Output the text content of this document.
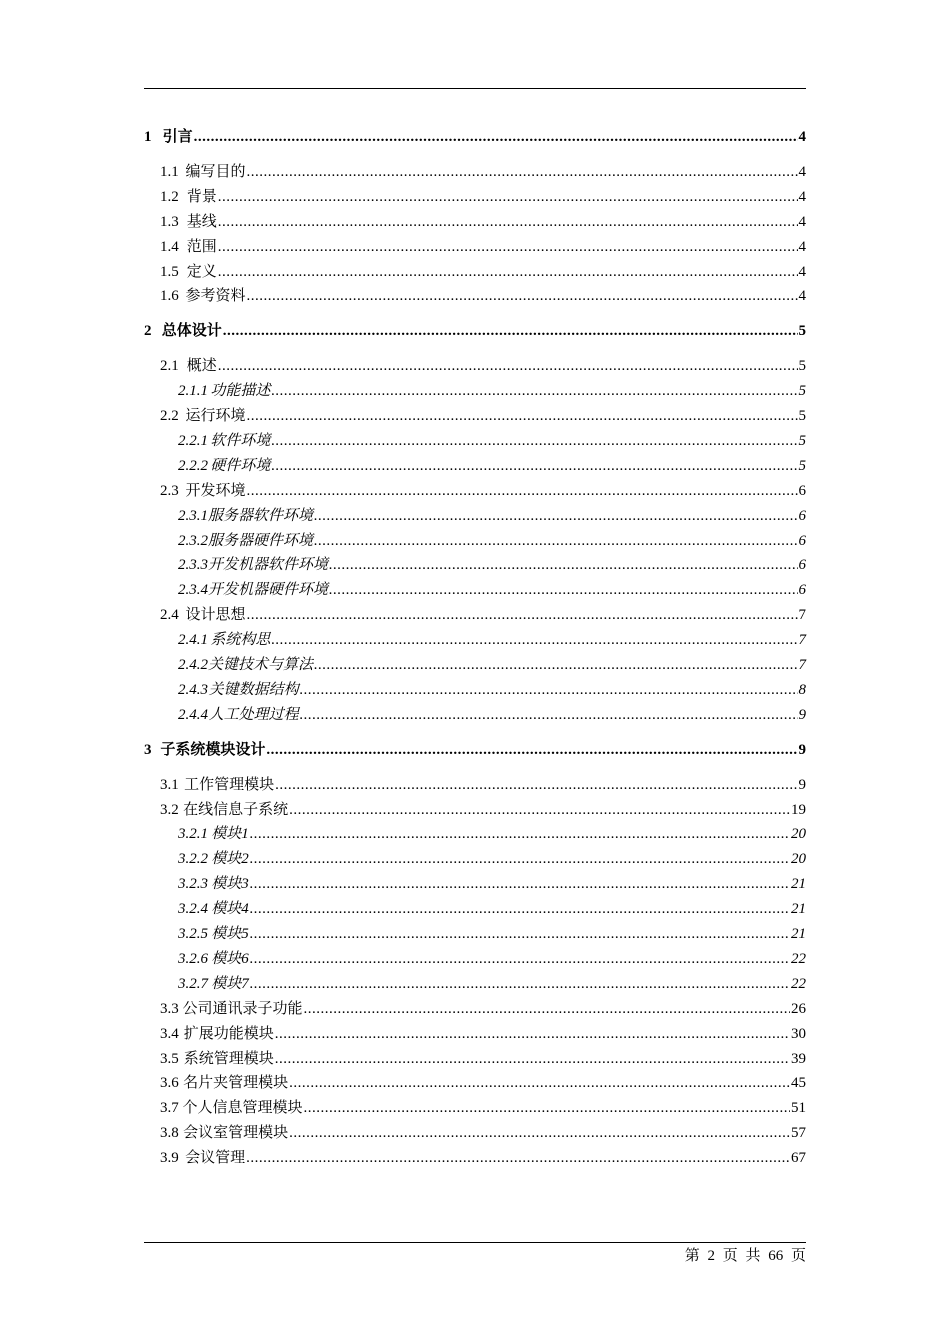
1 引言 .....	4
1.1 编写目的 .....	4
1.2 背景 .....	4
1.3 基线 .....	4
1.4 范围 .....	4
1.5 定义 .....	4
1.6 参考资料 .....	4
2 总体设计 .....	5
2.1 概述 .....	5
2.1.1 功能描述 .....	5
2.2 运行环境 .....	5
2.2.1 软件环境 .....	5
2.2.2 硬件环境 .....	5
2.3 开发环境 .....	6
2.3.1 服务器软件环境 .....	6
2.3.2 服务器硬件环境 .....	6
2.3.3 开发机器软件环境 .....	6
2.3.4 开发机器硬件环境 .....	6
2.4 设计思想 .....	7
2.4.1 系统构思 .....	7
2.4.2 关键技术与算法 .....	7
2.4.3 关键数据结构 .....	8
2.4.4 人工处理过程 .....	9
3 子系统模块设计 .....	9
3.1 工作管理模块 .....	9
3.2 在线信息子系统 .....	19
3.2.1 模块1 .....	20
3.2.2 模块2 .....	20
3.2.3 模块3 .....	21
3.2.4 模块4 .....	21
3.2.5 模块5 .....	21
3.2.6 模块6 .....	22
3.2.7 模块7 .....	22
3.3 公司通讯录子功能 .....	26
3.4 扩展功能模块 .....	30
3.5 系统管理模块 .....	39
3.6 名片夹管理模块 .....	45
3.7 个人信息管理模块 .....	51
3.8 会议室管理模块 .....	57
3.9 会议管理 .....	67
第 2 页 共 66 页
